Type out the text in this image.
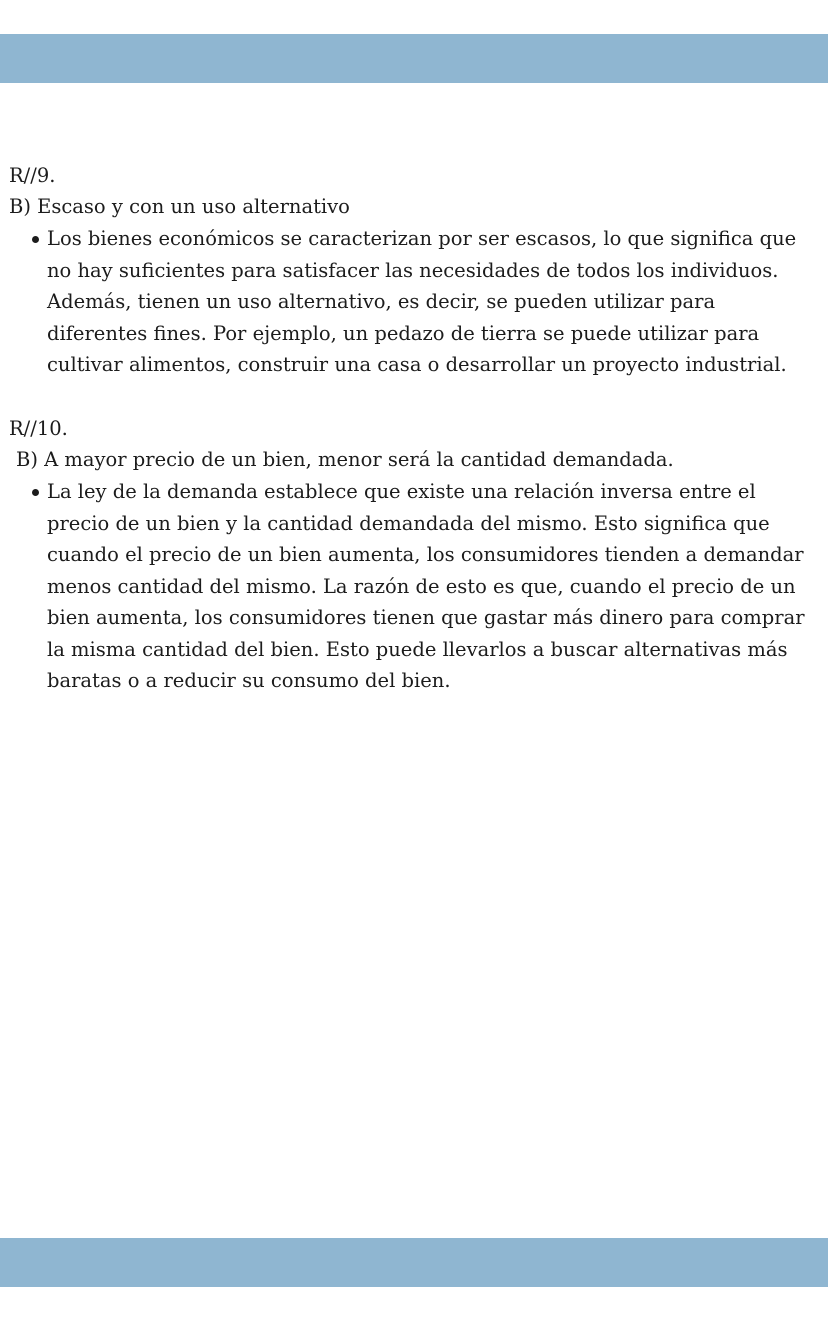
R//9.
B) Escaso y con un uso alternativo
Los bienes económicos se caracterizan por ser escasos, lo que significa que
no hay suficientes para satisfacer las necesidades de todos los individuos.
Además, tienen un uso alternativo, es decir, se pueden utilizar para
diferentes fines. Por ejemplo, un pedazo de tierra se puede utilizar para
cultivar alimentos, construir una casa o desarrollar un proyecto industrial.
R//10.
B) A mayor precio de un bien, menor será la cantidad demandada.
La ley de la demanda establece que existe una relación inversa entre el
precio de un bien y la cantidad demandada del mismo. Esto significa que
cuando el precio de un bien aumenta, los consumidores tienden a demandar
menos cantidad del mismo. La razón de esto es que, cuando el precio de un
bien aumenta, los consumidores tienen que gastar más dinero para comprar
la misma cantidad del bien. Esto puede llevarlos a buscar alternativas más
baratas o a reducir su consumo del bien.
